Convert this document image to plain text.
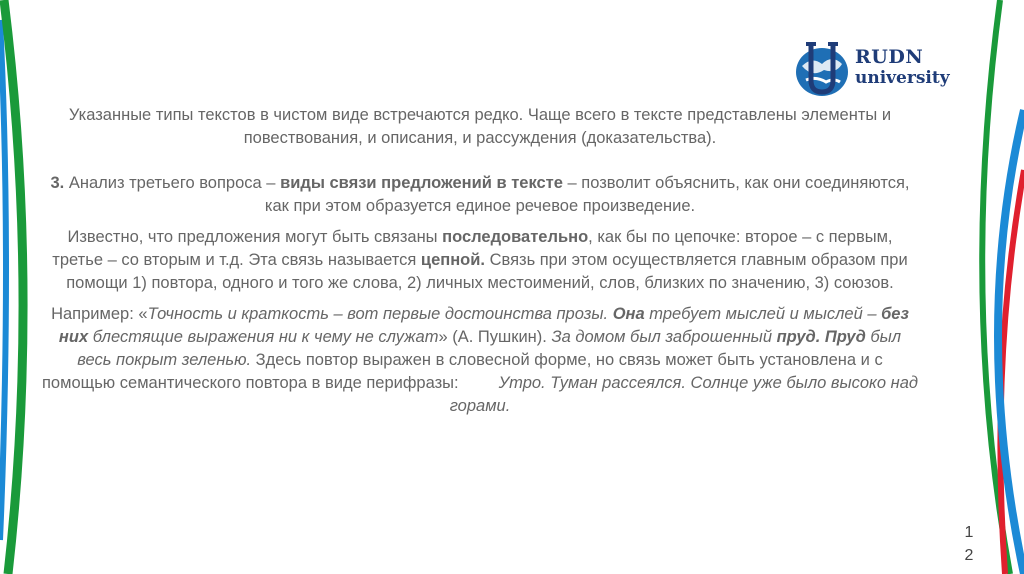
RUDN
university

Указанные типы текстов в чистом виде встречаются редко. Чаще всего в тексте представлены элементы и повествования, и описания, и рассуждения (доказательства).

3. Анализ третьего вопроса – виды связи предложений в тексте – позволит объяснить, как они соединяются, как при этом образуется единое речевое произведение.

Известно, что предложения могут быть связаны последовательно, как бы по цепочке: второе – с первым, третье – со вторым и т.д. Эта связь называется цепной. Связь при этом осуществляется главным образом при помощи 1) повтора, одного и того же слова, 2) личных местоимений, слов, близких по значению, 3) союзов.

Например: «Точность и краткость – вот первые достоинства прозы. Она требует мыслей и мыслей – без них блестящие выражения ни к чему не служат» (А. Пушкин). За домом был заброшенный пруд. Пруд был весь покрыт зеленью. Здесь повтор выражен в словесной форме, но связь может быть установлена и с помощью семантического повтора в виде перифразы: Утро. Туман рассеялся. Солнце уже было высоко над горами.

1
2
